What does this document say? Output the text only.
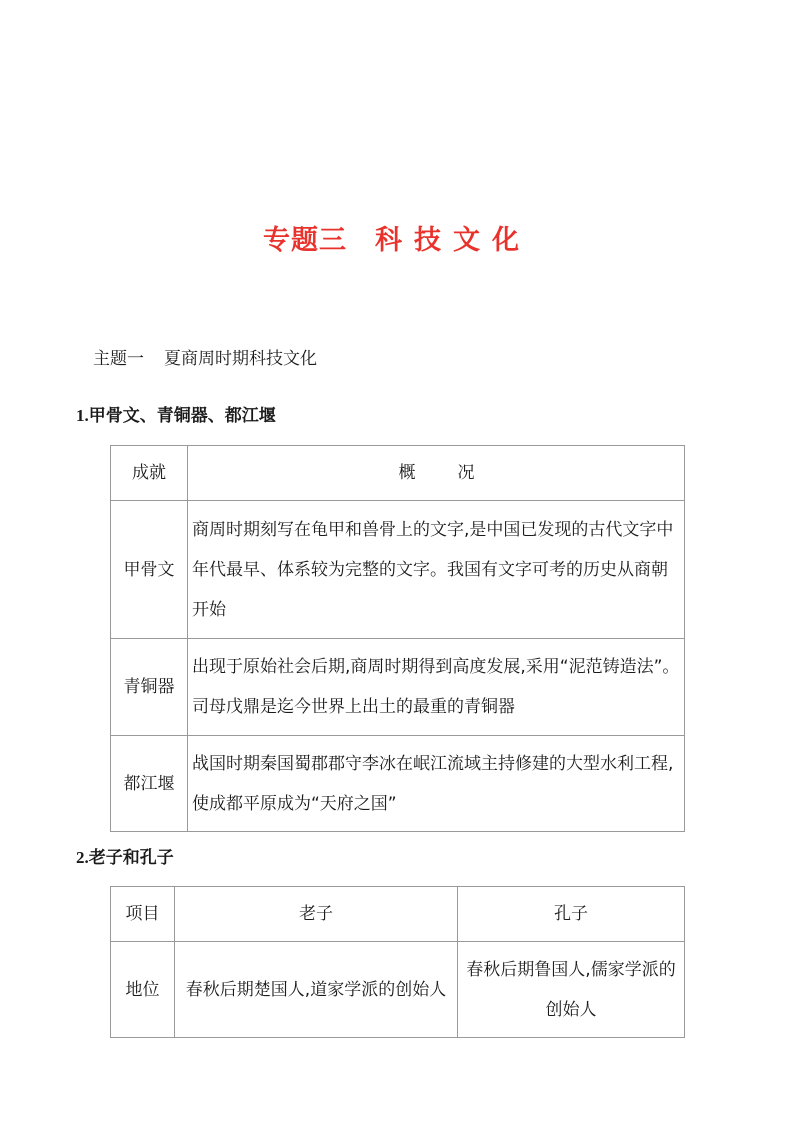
专题三 科技文化
主题一 夏商周时期科技文化
1.甲骨文、青铜器、都江堰
成就	概 况
甲骨文	商周时期刻写在龟甲和兽骨上的文字,是中国已发现的古代文字中年代最早、体系较为完整的文字。我国有文字可考的历史从商朝开始
青铜器	出现于原始社会后期,商周时期得到高度发展,采用“泥范铸造法”。司母戊鼎是迄今世界上出土的最重的青铜器
都江堰	战国时期秦国蜀郡郡守李冰在岷江流域主持修建的大型水利工程,使成都平原成为“天府之国”
2.老子和孔子
项目	老子	孔子
地位	春秋后期楚国人,道家学派的创始人	春秋后期鲁国人,儒家学派的创始人
